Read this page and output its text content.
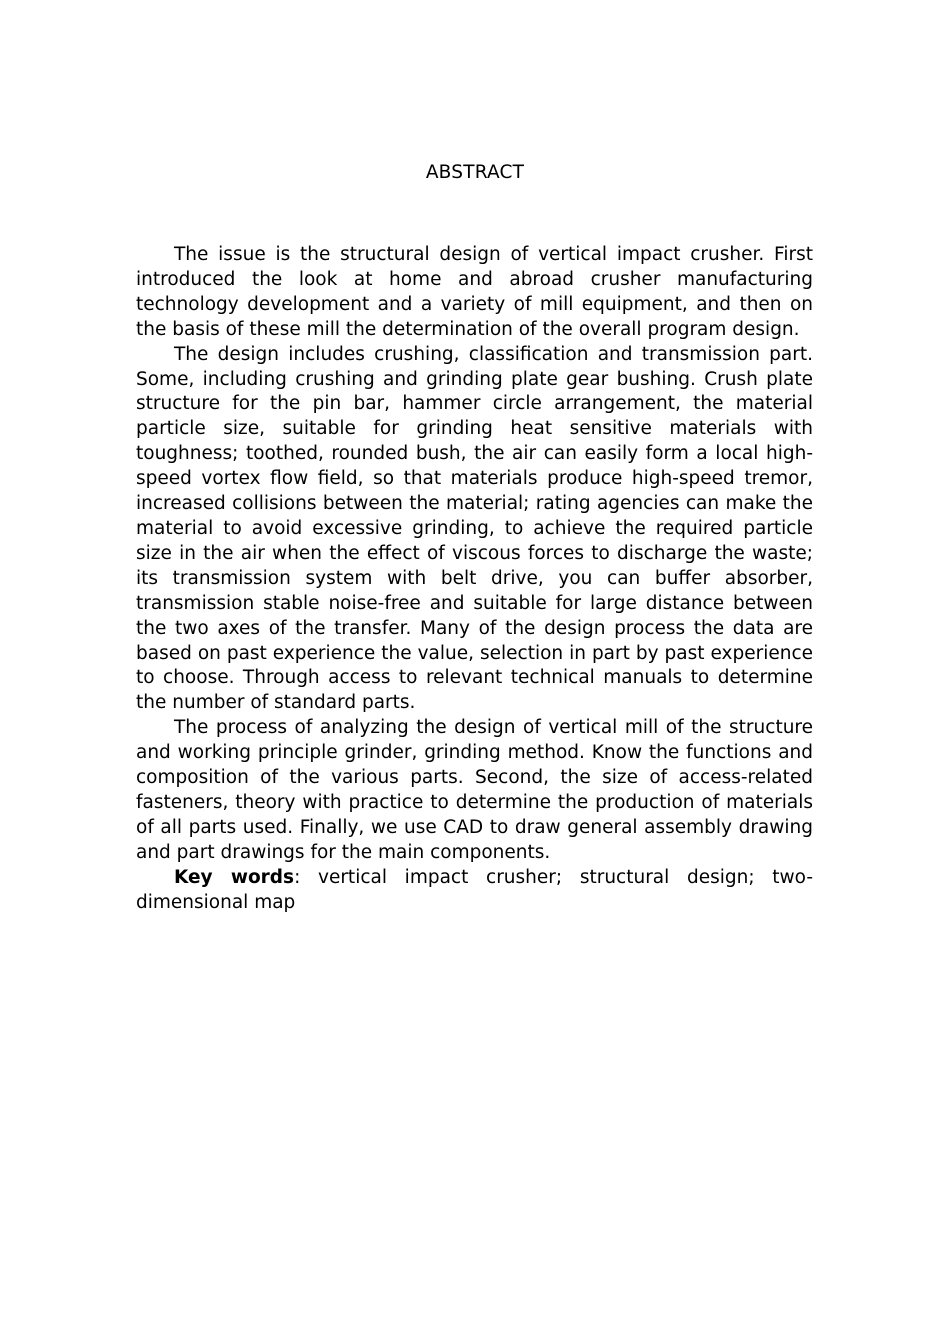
ABSTRACT

The issue is the structural design of vertical impact crusher. First introduced the look at home and abroad crusher manufacturing technology development and a variety of mill equipment, and then on the basis of these mill the determination of the overall program design.

The design includes crushing, classification and transmission part. Some, including crushing and grinding plate gear bushing. Crush plate structure for the pin bar, hammer circle arrangement, the material particle size, suitable for grinding heat sensitive materials with toughness; toothed, rounded bush, the air can easily form a local high-speed vortex flow field, so that materials produce high-speed tremor, increased collisions between the material; rating agencies can make the material to avoid excessive grinding, to achieve the required particle size in the air when the effect of viscous forces to discharge the waste; its transmission system with belt drive, you can buffer absorber, transmission stable noise-free and suitable for large distance between the two axes of the transfer. Many of the design process the data are based on past experience the value, selection in part by past experience to choose. Through access to relevant technical manuals to determine the number of standard parts.

The process of analyzing the design of vertical mill of the structure and working principle grinder, grinding method. Know the functions and composition of the various parts. Second, the size of access-related fasteners, theory with practice to determine the production of materials of all parts used. Finally, we use CAD to draw general assembly drawing and part drawings for the main components.

Key words: vertical impact crusher; structural design; two-dimensional map
